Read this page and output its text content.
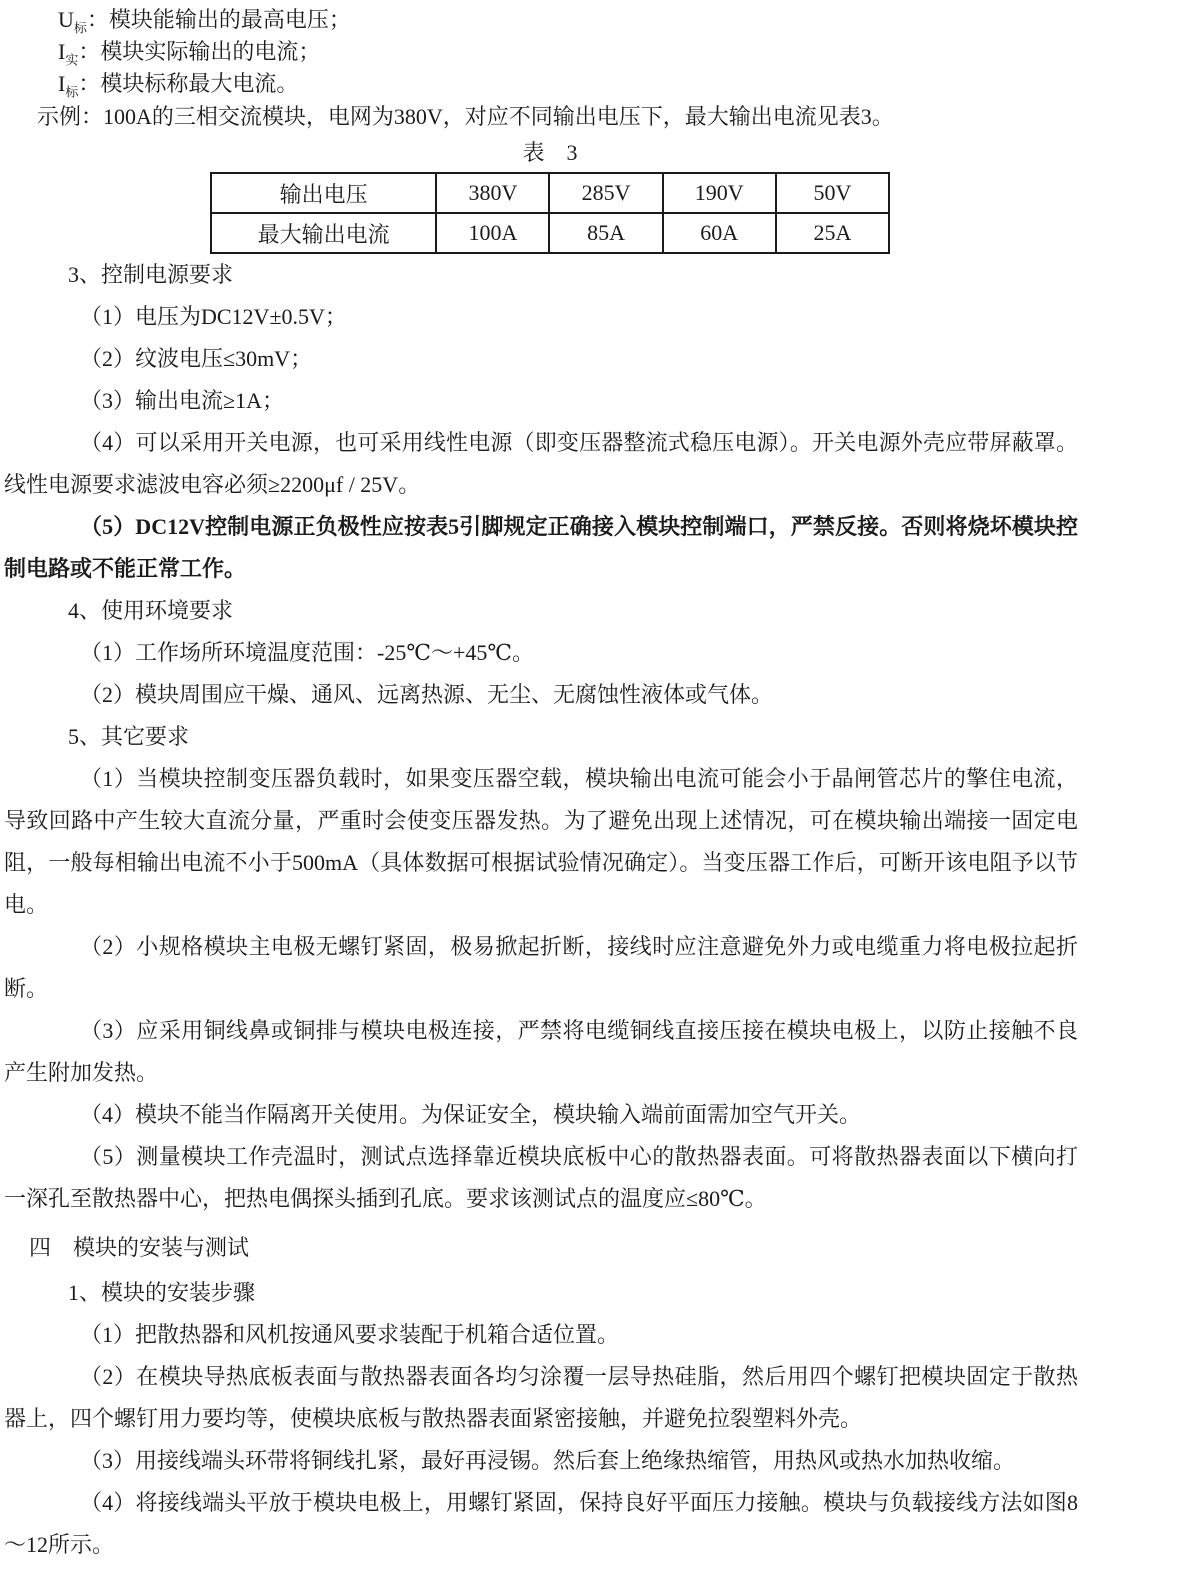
$U_标$：模块能输出的最高电压；

$I_实$：模块实际输出的电流；

$I_标$：模块标称最大电流。

示例：100A的三相交流模块，电网为380V，对应不同输出电压下，最大输出电流见表3。

表　3

输出电压	380V	285V	190V	50V
最大输出电流	100A	85A	60A	25A

3、控制电源要求

（1）电压为DC12V±0.5V；

（2）纹波电压≤30mV；

（3）输出电流≥1A；

（4）可以采用开关电源，也可采用线性电源（即变压器整流式稳压电源）。开关电源外壳应带屏蔽罩。线性电源要求滤波电容必须≥2200μf / 25V。

（5）DC12V控制电源正负极性应按表5引脚规定正确接入模块控制端口，严禁反接。否则将烧坏模块控制电路或不能正常工作。

4、使用环境要求

（1）工作场所环境温度范围：-25℃～+45℃。

（2）模块周围应干燥、通风、远离热源、无尘、无腐蚀性液体或气体。

5、其它要求

（1）当模块控制变压器负载时，如果变压器空载，模块输出电流可能会小于晶闸管芯片的擎住电流，导致回路中产生较大直流分量，严重时会使变压器发热。为了避免出现上述情况，可在模块输出端接一固定电阻，一般每相输出电流不小于500mA（具体数据可根据试验情况确定）。当变压器工作后，可断开该电阻予以节电。

（2）小规格模块主电极无螺钉紧固，极易掀起折断，接线时应注意避免外力或电缆重力将电极拉起折断。

（3）应采用铜线鼻或铜排与模块电极连接，严禁将电缆铜线直接压接在模块电极上，以防止接触不良产生附加发热。

（4）模块不能当作隔离开关使用。为保证安全，模块输入端前面需加空气开关。

（5）测量模块工作壳温时，测试点选择靠近模块底板中心的散热器表面。可将散热器表面以下横向打一深孔至散热器中心，把热电偶探头插到孔底。要求该测试点的温度应≤80℃。

四 模块的安装与测试

1、模块的安装步骤

（1）把散热器和风机按通风要求装配于机箱合适位置。

（2）在模块导热底板表面与散热器表面各均匀涂覆一层导热硅脂，然后用四个螺钉把模块固定于散热器上，四个螺钉用力要均等，使模块底板与散热器表面紧密接触，并避免拉裂塑料外壳。

（3）用接线端头环带将铜线扎紧，最好再浸锡。然后套上绝缘热缩管，用热风或热水加热收缩。

（4）将接线端头平放于模块电极上，用螺钉紧固，保持良好平面压力接触。模块与负载接线方法如图8～12所示。
